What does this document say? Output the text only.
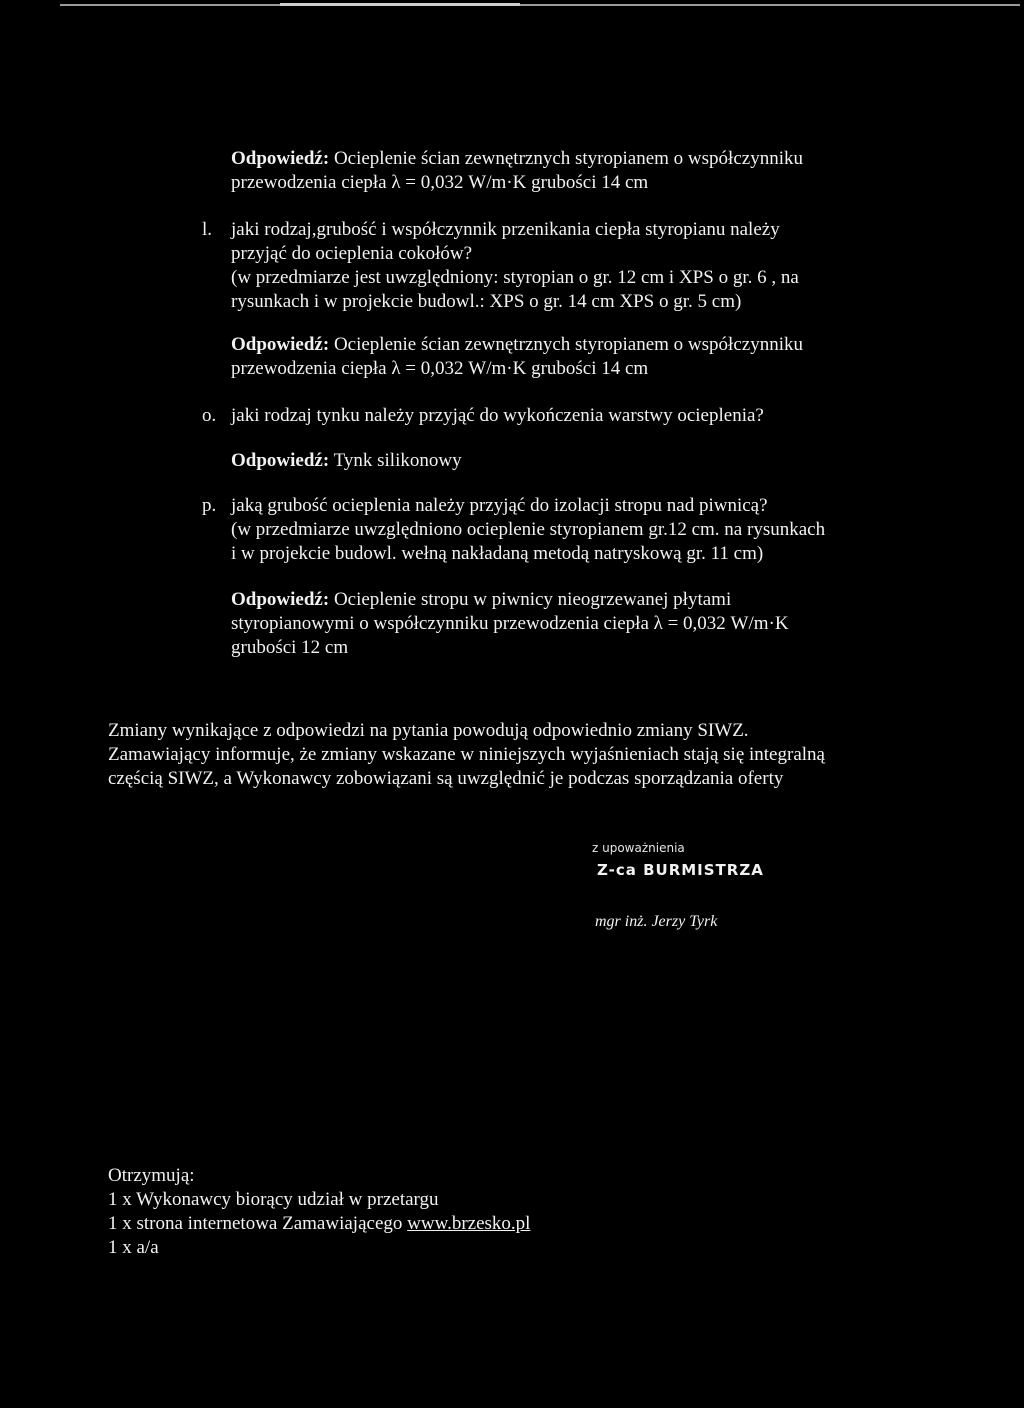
Odpowiedź: Ocieplenie ścian zewnętrznych styropianem o współczynniku
przewodzenia ciepła λ = 0,032 W/m·K grubości 14 cm
l. jaki rodzaj,grubość i współczynnik przenikania ciepła styropianu należy
przyjąć do ocieplenia cokołów?
(w przedmiarze jest uwzględniony: styropian o gr. 12 cm i XPS o gr. 6 , na
rysunkach i w projekcie budowl.: XPS o gr. 14 cm XPS o gr. 5 cm)
Odpowiedź: Ocieplenie ścian zewnętrznych styropianem o współczynniku
przewodzenia ciepła λ = 0,032 W/m·K grubości 14 cm
o. jaki rodzaj tynku należy przyjąć do wykończenia warstwy ocieplenia?
Odpowiedź: Tynk silikonowy
p. jaką grubość ocieplenia należy przyjąć do izolacji stropu nad piwnicą?
(w przedmiarze uwzględniono ocieplenie styropianem gr.12 cm. na rysunkach
i w projekcie budowl. wełną nakładaną metodą natryskową gr. 11 cm)
Odpowiedź: Ocieplenie stropu w piwnicy nieogrzewanej płytami
styropianowymi o współczynniku przewodzenia ciepła λ = 0,032 W/m·K
grubości 12 cm
Zmiany wynikające z odpowiedzi na pytania powodują odpowiednio zmiany SIWZ.
Zamawiający informuje, że zmiany wskazane w niniejszych wyjaśnieniach stają się integralną
częścią SIWZ, a Wykonawcy zobowiązani są uwzględnić je podczas sporządzania oferty
z upoważnienia
Z-ca BURMISTRZA
mgr inż. Jerzy Tyrk
Otrzymują:
1 x Wykonawcy biorący udział w przetargu
1 x strona internetowa Zamawiającego www.brzesko.pl
1 x a/a
